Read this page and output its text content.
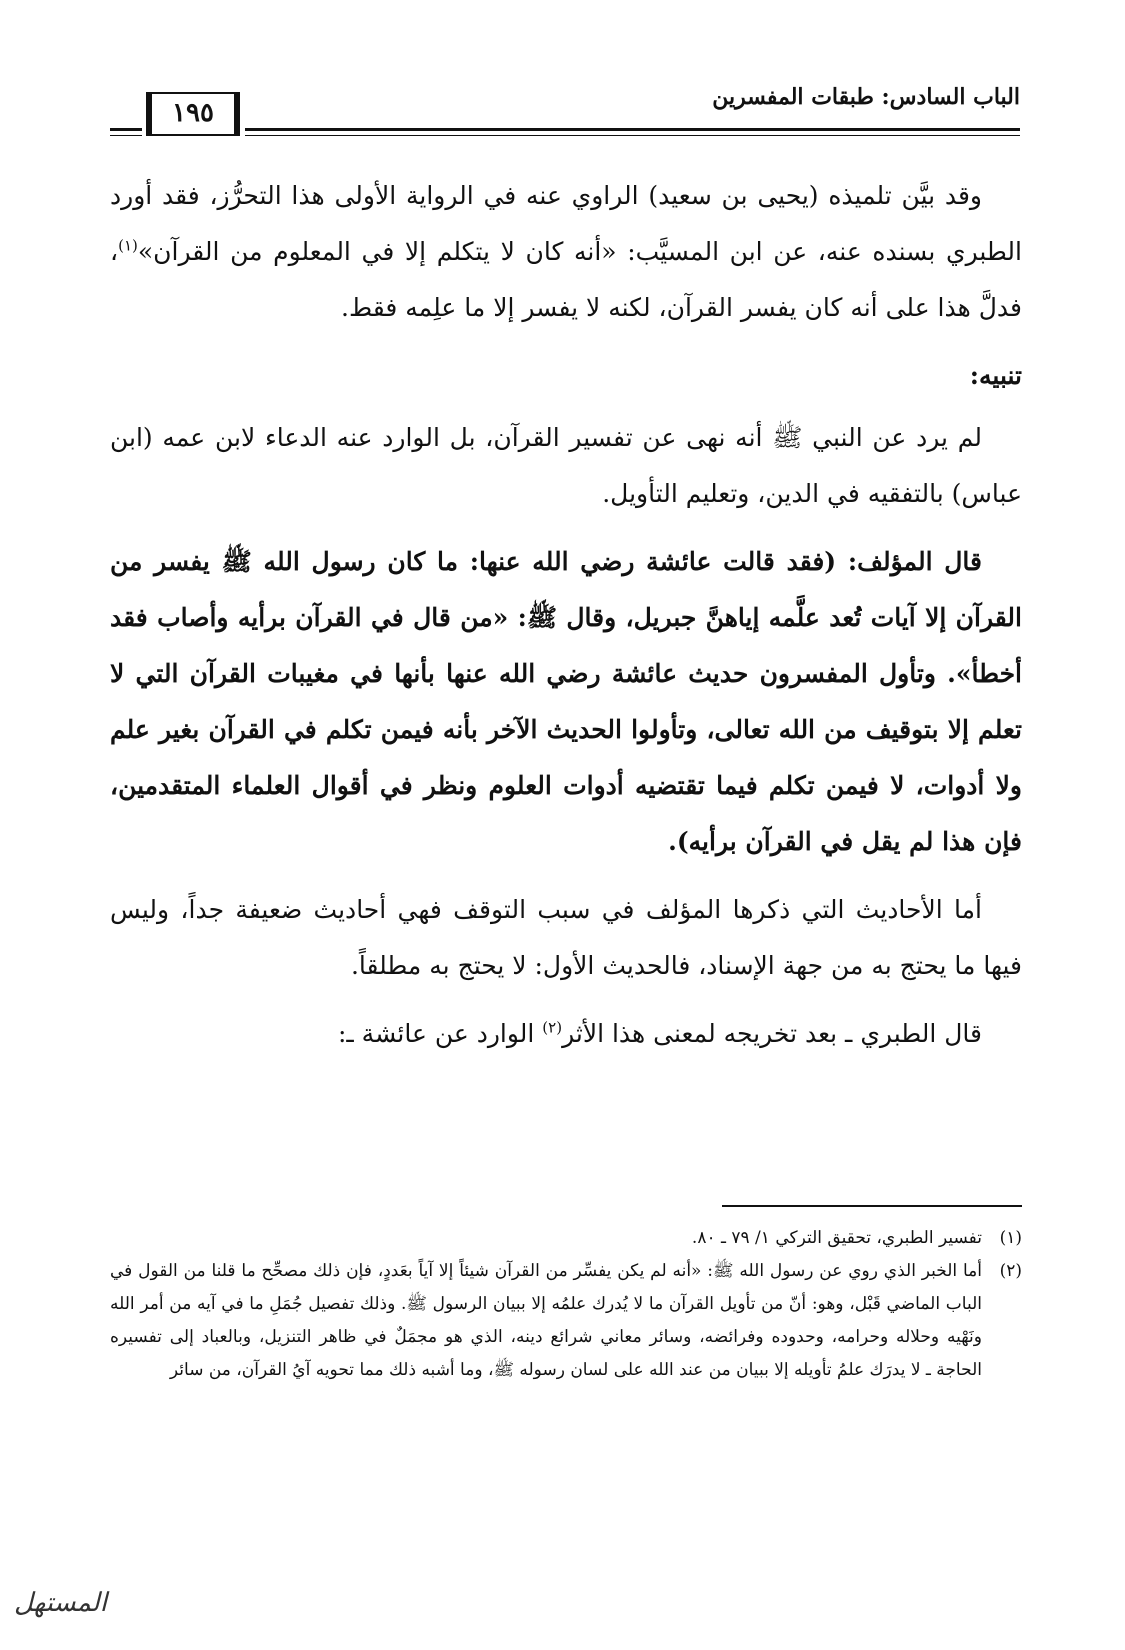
الباب السادس: طبقات المفسرين
١٩٥

وقد بيَّن تلميذه (يحيى بن سعيد) الراوي عنه في الرواية الأولى هذا التحرُّز، فقد أورد الطبري بسنده عنه، عن ابن المسيَّب: «أنه كان لا يتكلم إلا في المعلوم من القرآن»$^{(١)}$، فدلَّ هذا على أنه كان يفسر القرآن، لكنه لا يفسر إلا ما علِمه فقط.

تنبيه:

لم يرد عن النبي ﷺ أنه نهى عن تفسير القرآن، بل الوارد عنه الدعاء لابن عمه (ابن عباس) بالتفقيه في الدين، وتعليم التأويل.

قال المؤلف: (فقد قالت عائشة رضي الله عنها: ما كان رسول الله ﷺ يفسر من القرآن إلا آيات تُعد علَّمه إياهنَّ جبريل، وقال ﷺ: «من قال في القرآن برأيه وأصاب فقد أخطأ». وتأول المفسرون حديث عائشة رضي الله عنها بأنها في مغيبات القرآن التي لا تعلم إلا بتوقيف من الله تعالى، وتأولوا الحديث الآخر بأنه فيمن تكلم في القرآن بغير علم ولا أدوات، لا فيمن تكلم فيما تقتضيه أدوات العلوم ونظر في أقوال العلماء المتقدمين، فإن هذا لم يقل في القرآن برأيه).

أما الأحاديث التي ذكرها المؤلف في سبب التوقف فهي أحاديث ضعيفة جداً، وليس فيها ما يحتج به من جهة الإسناد، فالحديث الأول: لا يحتج به مطلقاً.

قال الطبري ـ بعد تخريجه لمعنى هذا الأثر$^{(٢)}$ الوارد عن عائشة ـ:

(١)
تفسير الطبري، تحقيق التركي ١/ ٧٩ ـ ٨٠.
(٢)
أما الخبر الذي روي عن رسول الله ﷺ: «أنه لم يكن يفسِّر من القرآن شيئاً إلا آياً بعَددٍ، فإن ذلك مصحِّح ما قلنا من القول في الباب الماضي قَبْل، وهو: أنّ من تأويل القرآن ما لا يُدرك علمُه إلا ببيان الرسول ﷺ. وذلك تفصيل جُمَلِ ما في آيه من أمر الله ونَهْيه وحلاله وحرامه، وحدوده وفرائضه، وسائر معاني شرائع دينه، الذي هو مجمَلٌ في ظاهر التنزيل، وبالعباد إلى تفسيره الحاجة ـ لا يدرَك علمُ تأويله إلا ببيان من عند الله على لسان رسوله ﷺ، وما أشبه ذلك مما تحويه آيُ القرآن، من سائر
المستهل
